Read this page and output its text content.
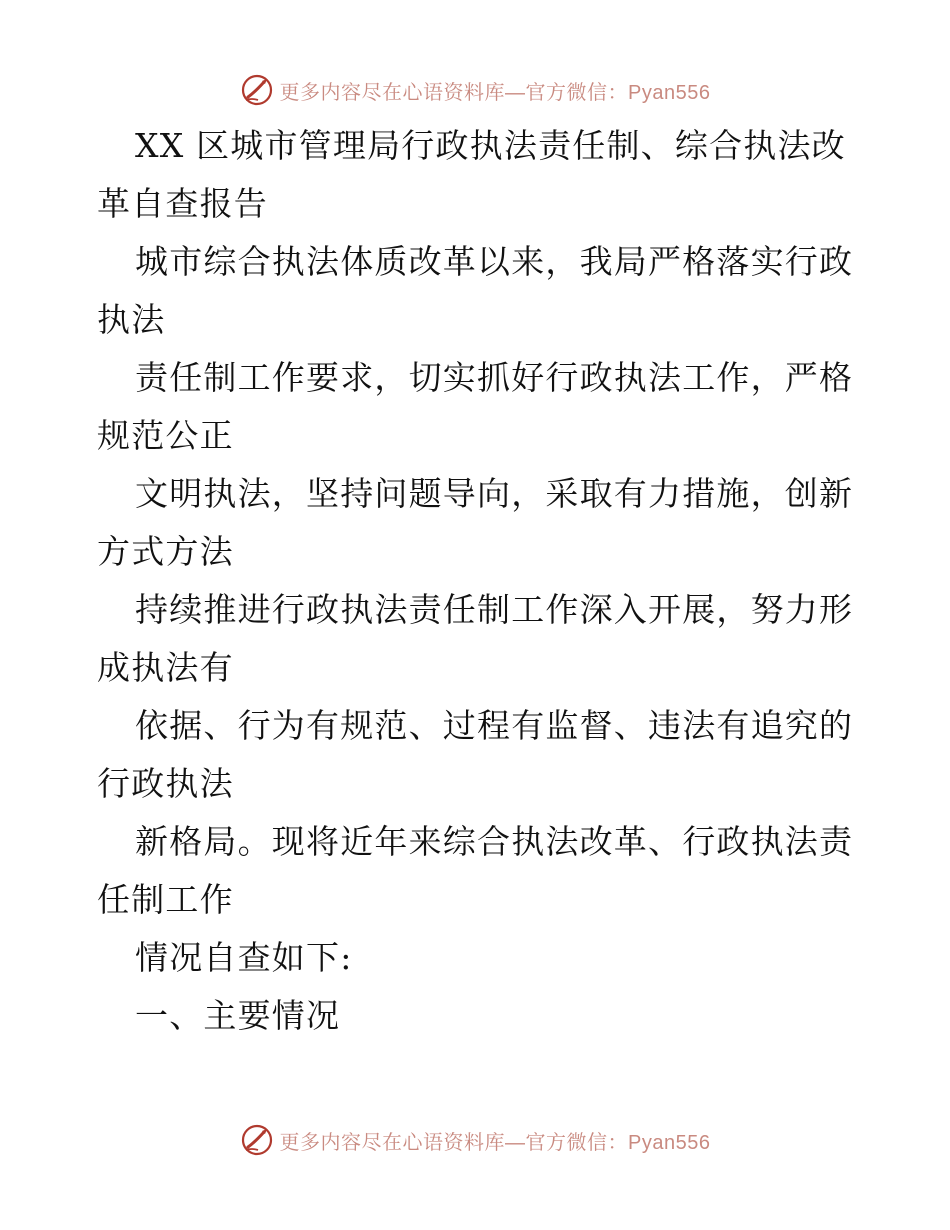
更多内容尽在心语资料库—官方微信：Pyan556
XX 区城市管理局行政执法责任制、综合执法改
革自查报告
城市综合执法体质改革以来，我局严格落实行政
执法
责任制工作要求，切实抓好行政执法工作，严格
规范公正
文明执法，坚持问题导向，采取有力措施，创新
方式方法
持续推进行政执法责任制工作深入开展，努力形
成执法有
依据、行为有规范、过程有监督、违法有追究的
行政执法
新格局。现将近年来综合执法改革、行政执法责
任制工作
情况自查如下:
一、主要情况
更多内容尽在心语资料库—官方微信：Pyan556
